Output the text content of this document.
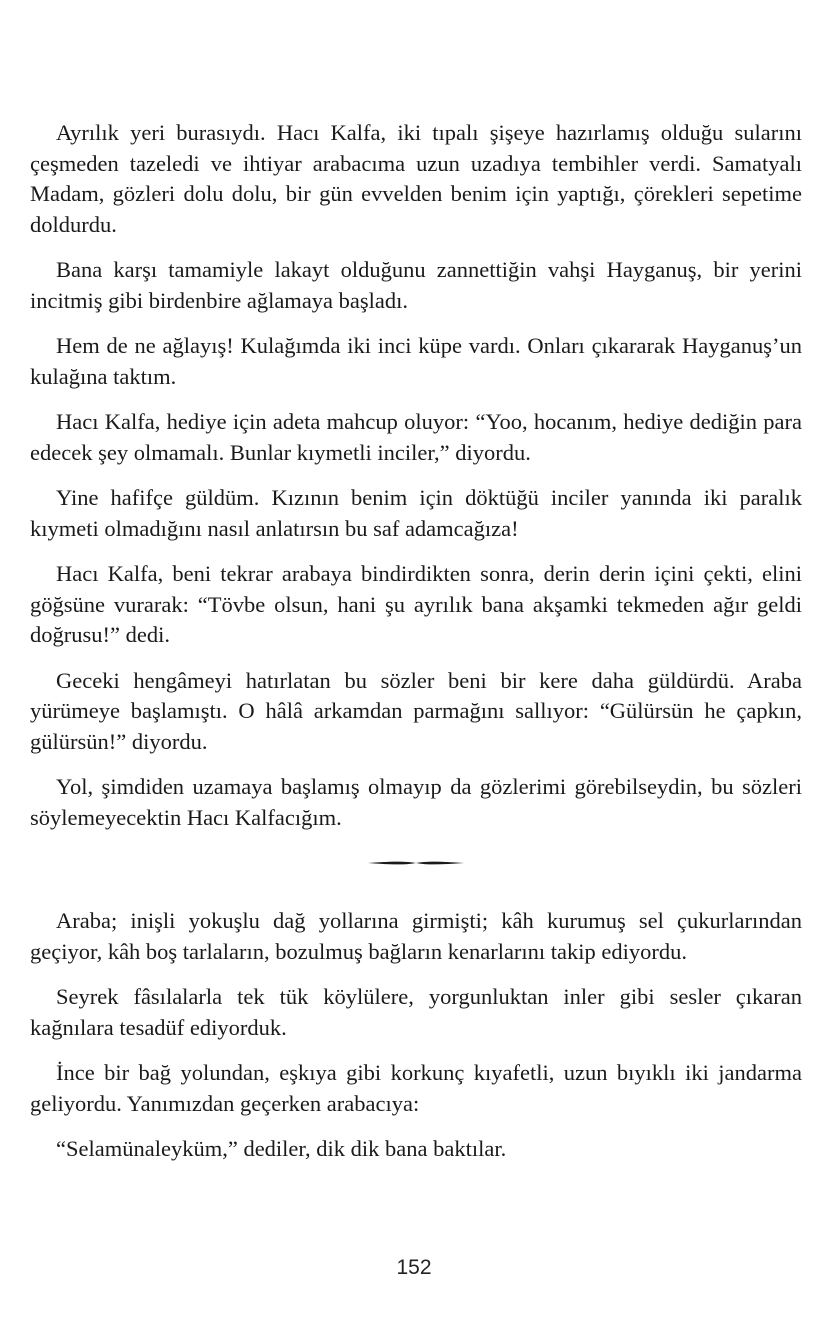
Ayrılık yeri burasıydı. Hacı Kalfa, iki tıpalı şişeye hazırlamış olduğu sularını çeşmeden tazeledi ve ihtiyar arabacıma uzun uzadıya tembihler verdi. Samatyalı Madam, gözleri dolu dolu, bir gün evvelden benim için yaptığı, çörekleri sepetime doldurdu.

Bana karşı tamamiyle lakayt olduğunu zannettiğin vahşi Hayganuş, bir yerini incitmiş gibi birdenbire ağlamaya başladı.

Hem de ne ağlayış! Kulağımda iki inci küpe vardı. Onları çıkararak Hayganuş’un kulağına taktım.

Hacı Kalfa, hediye için adeta mahcup oluyor: “Yoo, hocanım, hediye dediğin para edecek şey olmamalı. Bunlar kıymetli inciler,” diyordu.

Yine hafifçe güldüm. Kızının benim için döktüğü inciler yanında iki paralık kıymeti olmadığını nasıl anlatırsın bu saf adamcağıza!

Hacı Kalfa, beni tekrar arabaya bindirdikten sonra, derin derin içini çekti, elini göğsüne vurarak: “Tövbe olsun, hani şu ayrılık bana akşamki tekmeden ağır geldi doğrusu!” dedi.

Geceki hengâmeyi hatırlatan bu sözler beni bir kere daha güldürdü. Araba yürümeye başlamıştı. O hâlâ arkamdan parmağını sallıyor: “Gülürsün he çapkın, gülürsün!” diyordu.

Yol, şimdiden uzamaya başlamış olmayıp da gözlerimi görebilseydin, bu sözleri söylemeyecektin Hacı Kalfacığım.

Araba; inişli yokuşlu dağ yollarına girmişti; kâh kurumuş sel çukurlarından geçiyor, kâh boş tarlaların, bozulmuş bağların kenarlarını takip ediyordu.

Seyrek fâsılalarla tek tük köylülere, yorgunluktan inler gibi sesler çıkaran kağnılara tesadüf ediyorduk.

İnce bir bağ yolundan, eşkıya gibi korkunç kıyafetli, uzun bıyıklı iki jandarma geliyordu. Yanımızdan geçerken arabacıya:

“Selamünaleyküm,” dediler, dik dik bana baktılar.

152
